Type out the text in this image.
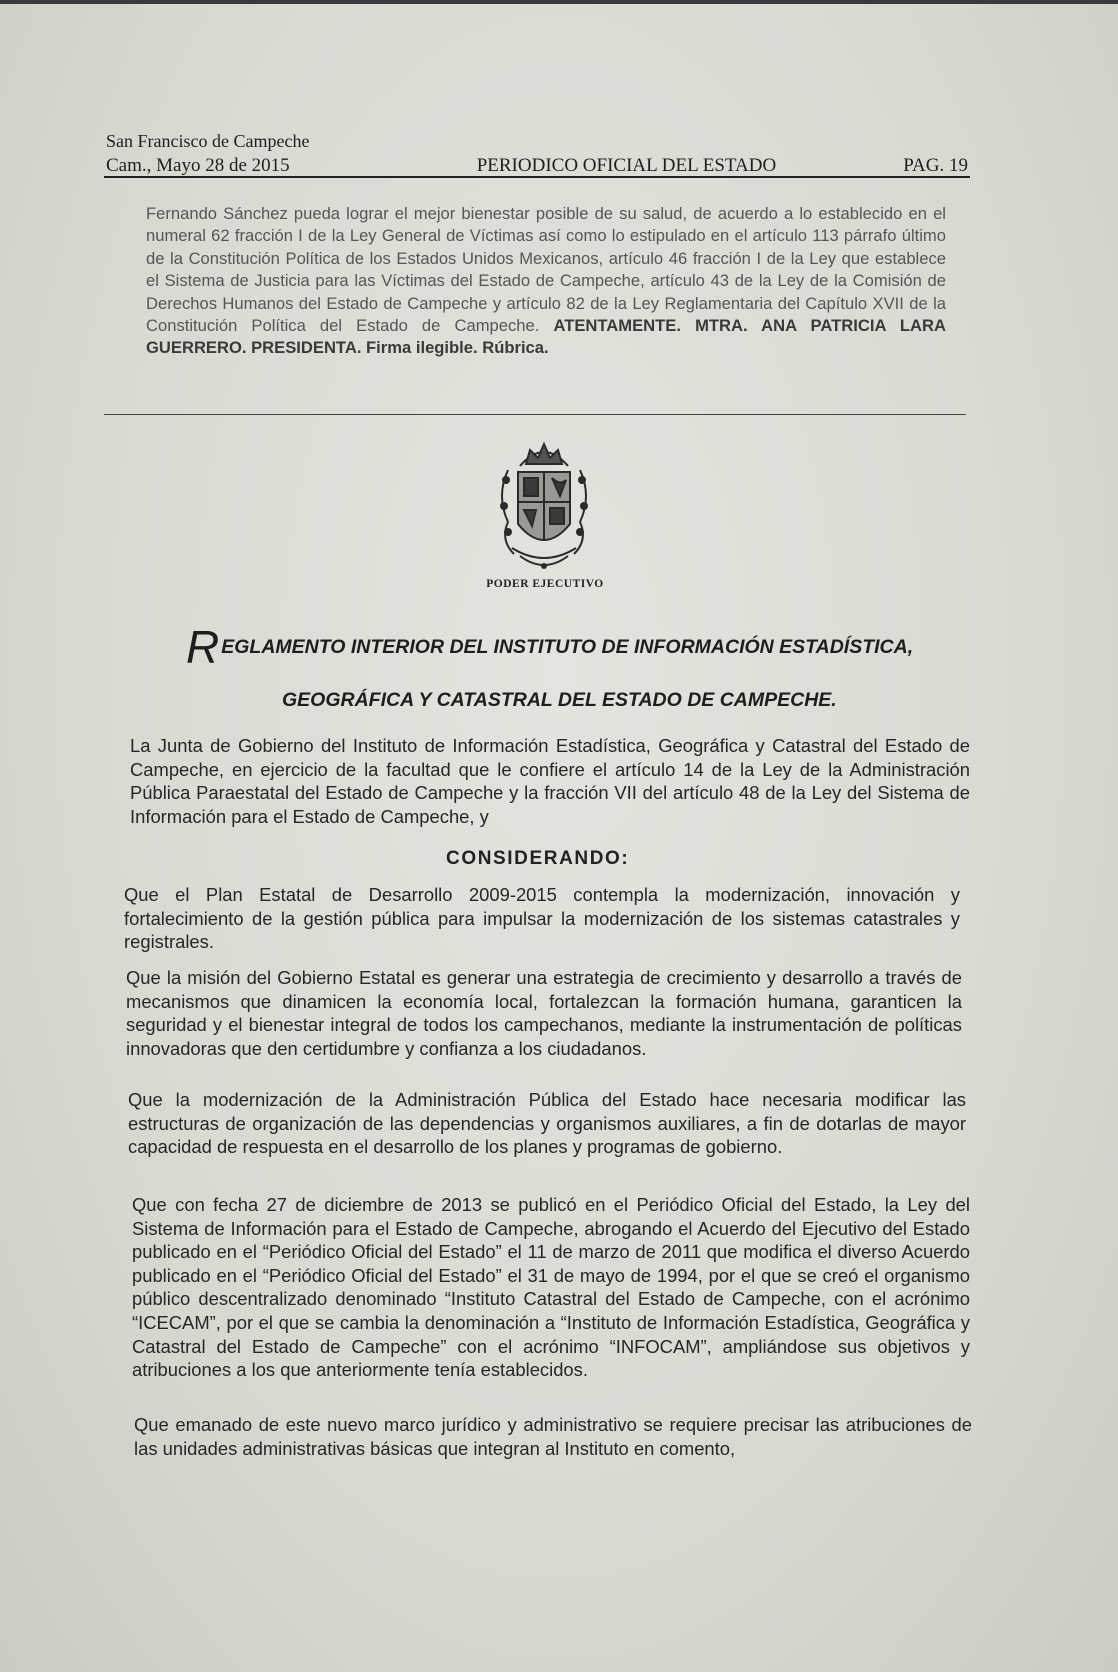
San Francisco de Campeche
Cam., Mayo 28 de 2015	PERIODICO OFICIAL DEL ESTADO	PAG. 19
Fernando Sánchez pueda lograr el mejor bienestar posible de su salud, de acuerdo a lo establecido en el numeral 62 fracción I de la Ley General de Víctimas así como lo estipulado en el artículo 113 párrafo último de la Constitución Política de los Estados Unidos Mexicanos, artículo 46 fracción I de la Ley que establece el Sistema de Justicia para las Víctimas del Estado de Campeche, artículo 43 de la Ley de la Comisión de Derechos Humanos del Estado de Campeche y artículo 82 de la Ley Reglamentaria del Capítulo XVII de la Constitución Política del Estado de Campeche. ATENTAMENTE. MTRA. ANA PATRICIA LARA GUERRERO. PRESIDENTA. Firma ilegible. Rúbrica.
PODER EJECUTIVO
REGLAMENTO INTERIOR DEL INSTITUTO DE INFORMACIÓN ESTADÍSTICA,
GEOGRÁFICA Y CATASTRAL DEL ESTADO DE CAMPECHE.

La Junta de Gobierno del Instituto de Información Estadística, Geográfica y Catastral del Estado de Campeche, en ejercicio de la facultad que le confiere el artículo 14 de la Ley de la Administración Pública Paraestatal del Estado de Campeche y la fracción VII del artículo 48 de la Ley del Sistema de Información para el Estado de Campeche, y

CONSIDERANDO:

Que el Plan Estatal de Desarrollo 2009-2015 contempla la modernización, innovación y fortalecimiento de la gestión pública para impulsar la modernización de los sistemas catastrales y registrales.

Que la misión del Gobierno Estatal es generar una estrategia de crecimiento y desarrollo a través de mecanismos que dinamicen la economía local, fortalezcan la formación humana, garanticen la seguridad y el bienestar integral de todos los campechanos, mediante la instrumentación de políticas innovadoras que den certidumbre y confianza a los ciudadanos.

Que la modernización de la Administración Pública del Estado hace necesaria modificar las estructuras de organización de las dependencias y organismos auxiliares, a fin de dotarlas de mayor capacidad de respuesta en el desarrollo de los planes y programas de gobierno.

Que con fecha 27 de diciembre de 2013 se publicó en el Periódico Oficial del Estado, la Ley del Sistema de Información para el Estado de Campeche, abrogando el Acuerdo del Ejecutivo del Estado publicado en el “Periódico Oficial del Estado” el 11 de marzo de 2011 que modifica el diverso Acuerdo publicado en el “Periódico Oficial del Estado” el 31 de mayo de 1994, por el que se creó el organismo público descentralizado denominado “Instituto Catastral del Estado de Campeche, con el acrónimo “ICECAM”, por el que se cambia la denominación a “Instituto de Información Estadística, Geográfica y Catastral del Estado de Campeche” con el acrónimo “INFOCAM”, ampliándose sus objetivos y atribuciones a los que anteriormente tenía establecidos.

Que emanado de este nuevo marco jurídico y administrativo se requiere precisar las atribuciones de las unidades administrativas básicas que integran al Instituto en comento,
